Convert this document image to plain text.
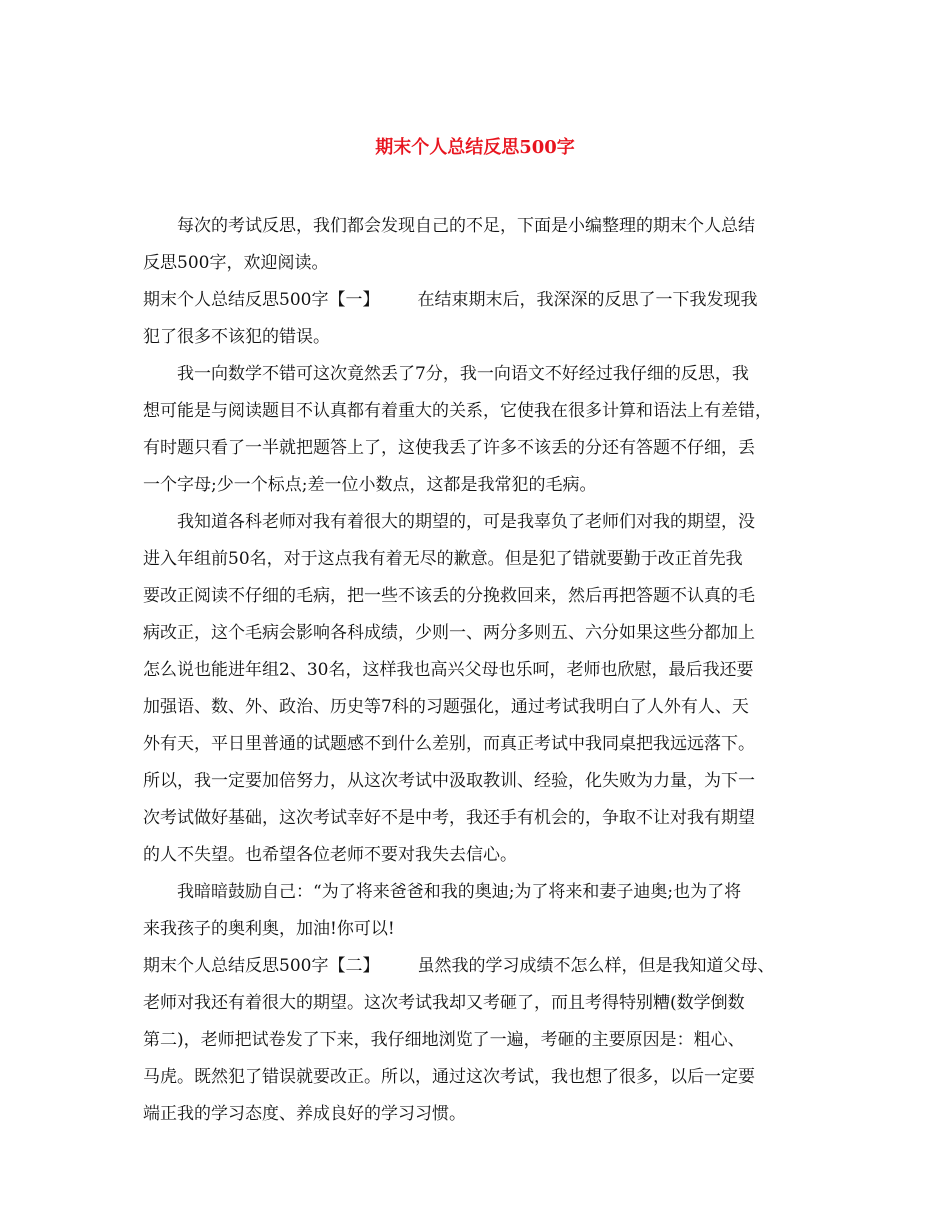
期末个人总结反思500字
每次的考试反思，我们都会发现自己的不足，下面是小编整理的期末个人总结
反思500字，欢迎阅读。
期末个人总结反思500字【一】 在结束期末后，我深深的反思了一下我发现我
犯了很多不该犯的错误。
我一向数学不错可这次竟然丢了7分，我一向语文不好经过我仔细的反思，我
想可能是与阅读题目不认真都有着重大的关系，它使我在很多计算和语法上有差错，
有时题只看了一半就把题答上了，这使我丢了许多不该丢的分还有答题不仔细，丢
一个字母;少一个标点;差一位小数点，这都是我常犯的毛病。
我知道各科老师对我有着很大的期望的，可是我辜负了老师们对我的期望，没
进入年组前50名，对于这点我有着无尽的歉意。但是犯了错就要勤于改正首先我
要改正阅读不仔细的毛病，把一些不该丢的分挽救回来，然后再把答题不认真的毛
病改正，这个毛病会影响各科成绩，少则一、两分多则五、六分如果这些分都加上
怎么说也能进年组2、30名，这样我也高兴父母也乐呵，老师也欣慰，最后我还要
加强语、数、外、政治、历史等7科的习题强化，通过考试我明白了人外有人、天
外有天，平日里普通的试题感不到什么差别，而真正考试中我同桌把我远远落下。
所以，我一定要加倍努力，从这次考试中汲取教训、经验，化失败为力量，为下一
次考试做好基础，这次考试幸好不是中考，我还手有机会的，争取不让对我有期望
的人不失望。也希望各位老师不要对我失去信心。
我暗暗鼓励自己：“为了将来爸爸和我的奥迪;为了将来和妻子迪奥;也为了将
来我孩子的奥利奥，加油!你可以!
期末个人总结反思500字【二】 虽然我的学习成绩不怎么样，但是我知道父母、
老师对我还有着很大的期望。这次考试我却又考砸了，而且考得特别糟(数学倒数
第二)，老师把试卷发了下来，我仔细地浏览了一遍，考砸的主要原因是：粗心、
马虎。既然犯了错误就要改正。所以，通过这次考试，我也想了很多，以后一定要
端正我的学习态度、养成良好的学习习惯。
